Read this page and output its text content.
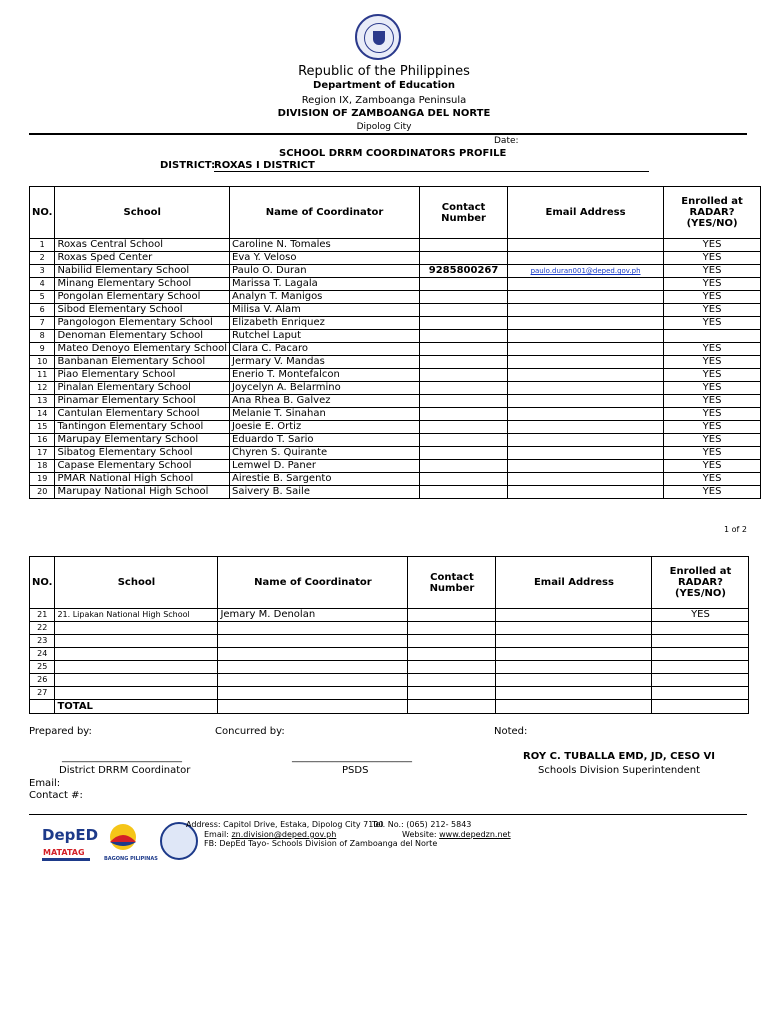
Republic of the Philippines
Department of Education
Region IX, Zamboanga Peninsula
DIVISION OF ZAMBOANGA DEL NORTE
Dipolog City
Date:
SCHOOL DRRM COORDINATORS PROFILE
DISTRICT:
ROXAS I DISTRICT
NO.	School	Name of Coordinator	Contact Number	Email Address	Enrolled at RADAR? (YES/NO)
1	Roxas Central School	Caroline N. Tomales			YES
2	Roxas Sped Center	Eva Y. Veloso			YES
3	Nabilid Elementary School	Paulo O. Duran	9285800267	paulo.duran001@deped.gov.ph	YES
4	Minang Elementary School	Marissa T. Lagala			YES
5	Pongolan Elementary School	Analyn T. Manigos			YES
6	Sibod Elementary School	Milisa V. Alam			YES
7	Pangologon Elementary School	Elizabeth Enriquez			YES
8	Denoman Elementary School	Rutchel Laput			
9	Mateo Denoyo Elementary School	Clara C. Pacaro			YES
10	Banbanan Elementary School	Jermary V. Mandas			YES
11	Piao Elementary School	Enerio T. Montefalcon			YES
12	Pinalan Elementary School	Joycelyn A. Belarmino			YES
13	Pinamar Elementary School	Ana Rhea B. Galvez			YES
14	Cantulan Elementary School	Melanie T. Sinahan			YES
15	Tantingon Elementary School	Joesie E. Ortiz			YES
16	Marupay Elementary School	Eduardo T. Sario			YES
17	Sibatog Elementary School	Chyren S. Quirante			YES
18	Capase Elementary School	Lemwel D. Paner			YES
19	PMAR National High School	Airestie B. Sargento			YES
20	Marupay National High School	Saivery B. Saile			YES
1 of 2
NO.	School	Name of Coordinator	Contact Number	Email Address	Enrolled at RADAR? (YES/NO)
21	21. Lipakan National High School	Jemary M. Denolan			YES
22					
23					
24					
25					
26					
27					
	TOTAL				
Prepared by:	Concurred by:	Noted:
________________________	________________________	ROY C. TUBALLA EMD, JD, CESO VI
District DRRM Coordinator	PSDS	Schools Division Superintendent
Email:
Contact #:
DepED
MATATAG
BAGONG PILIPINAS
Address: Capitol Drive, Estaka, Dipolog City 7100
Tel. No.: (065) 212- 5843
Email: zn.division@deped.gov.ph	Website: www.depedzn.net
FB: DepEd Tayo- Schools Division of Zamboanga del Norte
